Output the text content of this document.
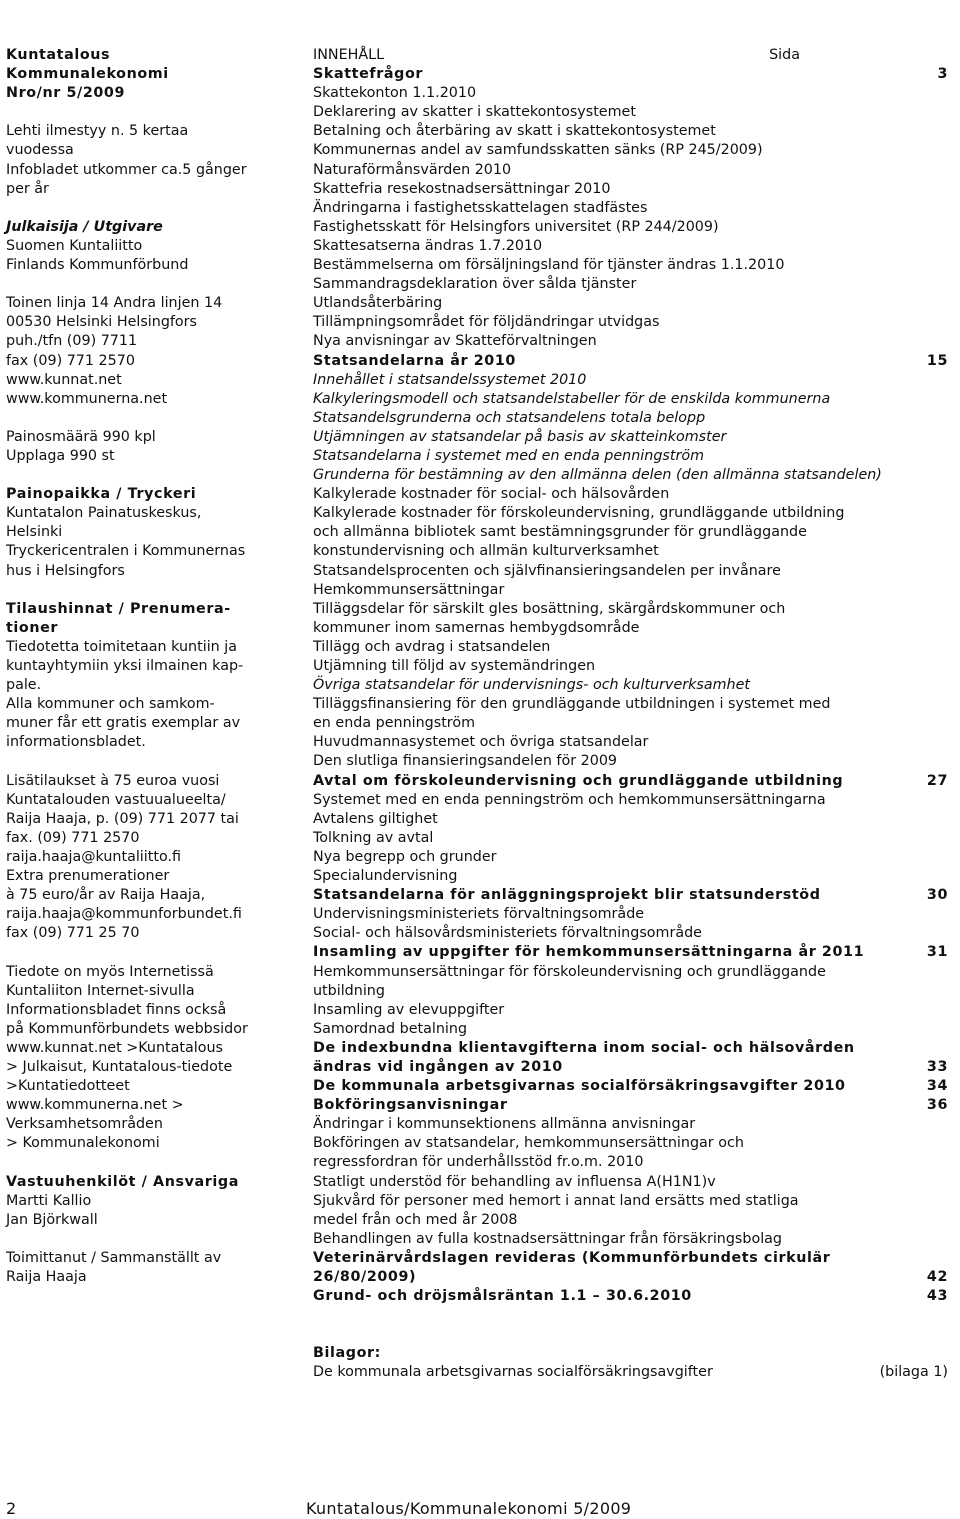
Kuntatalous
Kommunalekonomi
Nro/nr 5/2009
Lehti ilmestyy n. 5 kertaa
vuodessa
Infobladet utkommer ca.5 gånger
per år
Julkaisija / Utgivare
Suomen Kuntaliitto
Finlands Kommunförbund
Toinen linja 14 Andra linjen 14
00530 Helsinki Helsingfors
puh./tfn (09) 7711
fax (09) 771 2570
www.kunnat.net
www.kommunerna.net
Painosmäärä 990 kpl
Upplaga 990 st
Painopaikka / Tryckeri
Kuntatalon Painatuskeskus,
Helsinki
Tryckericentralen i Kommunernas
hus i Helsingfors
Tilaushinnat / Prenumera-
tioner
Tiedotetta toimitetaan kuntiin ja
kuntayhtymiin yksi ilmainen kap-
pale.
Alla kommuner och samkom-
muner får ett gratis exemplar av
informationsbladet.
Lisätilaukset à 75 euroa vuosi
Kuntatalouden vastuualueelta/
Raija Haaja, p. (09) 771 2077 tai
fax. (09) 771 2570
raija.haaja@kuntaliitto.fi
Extra prenumerationer
à 75 euro/år av Raija Haaja,
raija.haaja@kommunforbundet.fi
fax (09) 771 25 70
Tiedote on myös Internetissä
Kuntaliiton Internet-sivulla
Informationsbladet finns också
på Kommunförbundets webbsidor
www.kunnat.net >Kuntatalous
> Julkaisut, Kuntatalous-tiedote
>Kuntatiedotteet
www.kommunerna.net >
Verksamhetsområden
> Kommunalekonomi
Vastuuhenkilöt / Ansvariga
Martti Kallio
Jan Björkwall
Toimittanut / Sammanställt av
Raija Haaja
INNEHÅLL	Sida
Skattefrågor	3
Skattekonton 1.1.2010
Deklarering av skatter i skattekontosystemet
Betalning och återbäring av skatt i skattekontosystemet
Kommunernas andel av samfundsskatten sänks (RP 245/2009)
Naturaförmånsvärden 2010
Skattefria resekostnadsersättningar 2010
Ändringarna i fastighetsskattelagen stadfästes
Fastighetsskatt för Helsingfors universitet (RP 244/2009)
Skattesatserna ändras 1.7.2010
Bestämmelserna om försäljningsland för tjänster ändras 1.1.2010
Sammandragsdeklaration över sålda tjänster
Utlandsåterbäring
Tillämpningsområdet för följdändringar utvidgas
Nya anvisningar av Skatteförvaltningen
Statsandelarna år 2010	15
Innehållet i statsandelssystemet 2010
Kalkyleringsmodell och statsandelstabeller för de enskilda kommunerna
Statsandelsgrunderna och statsandelens totala belopp
Utjämningen av statsandelar på basis av skatteinkomster
Statsandelarna i systemet med en enda penningström
Grunderna för bestämning av den allmänna delen (den allmänna statsandelen)
Kalkylerade kostnader för social- och hälsovården
Kalkylerade kostnader för förskoleundervisning, grundläggande utbildning
och allmänna bibliotek samt bestämningsgrunder för grundläggande
konstundervisning och allmän kulturverksamhet
Statsandelsprocenten och självfinansieringsandelen per invånare
Hemkommunsersättningar
Tilläggsdelar för särskilt gles bosättning, skärgårdskommuner och
kommuner inom samernas hembygdsområde
Tillägg och avdrag i statsandelen
Utjämning till följd av systemändringen
Övriga statsandelar för undervisnings- och kulturverksamhet
Tilläggsfinansiering för den grundläggande utbildningen i systemet med
en enda penningström
Huvudmannasystemet och övriga statsandelar
Den slutliga finansieringsandelen för 2009
Avtal om förskoleundervisning och grundläggande utbildning	27
Systemet med en enda penningström och hemkommunsersättningarna
Avtalens giltighet
Tolkning av avtal
Nya begrepp och grunder
Specialundervisning
Statsandelarna för anläggningsprojekt blir statsunderstöd	30
Undervisningsministeriets förvaltningsområde
Social- och hälsovårdsministeriets förvaltningsområde
Insamling av uppgifter för hemkommunsersättningarna år 2011	31
Hemkommunsersättningar för förskoleundervisning och grundläggande
utbildning
Insamling av elevuppgifter
Samordnad betalning
De indexbundna klientavgifterna inom social- och hälsovården
ändras vid ingången av 2010	33
De kommunala arbetsgivarnas socialförsäkringsavgifter 2010	34
Bokföringsanvisningar	36
Ändringar i kommunsektionens allmänna anvisningar
Bokföringen av statsandelar, hemkommunsersättningar och
regressfordran för underhållsstöd fr.o.m. 2010
Statligt understöd för behandling av influensa A(H1N1)v
Sjukvård för personer med hemort i annat land ersätts med statliga
medel från och med år 2008
Behandlingen av fulla kostnadsersättningar från försäkringsbolag
Veterinärvårdslagen revideras (Kommunförbundets cirkulär
26/80/2009)	42
Grund- och dröjsmålsräntan 1.1 – 30.6.2010	43
Bilagor:
De kommunala arbetsgivarnas socialförsäkringsavgifter	(bilaga 1)
2	Kuntatalous/Kommunalekonomi 5/2009
